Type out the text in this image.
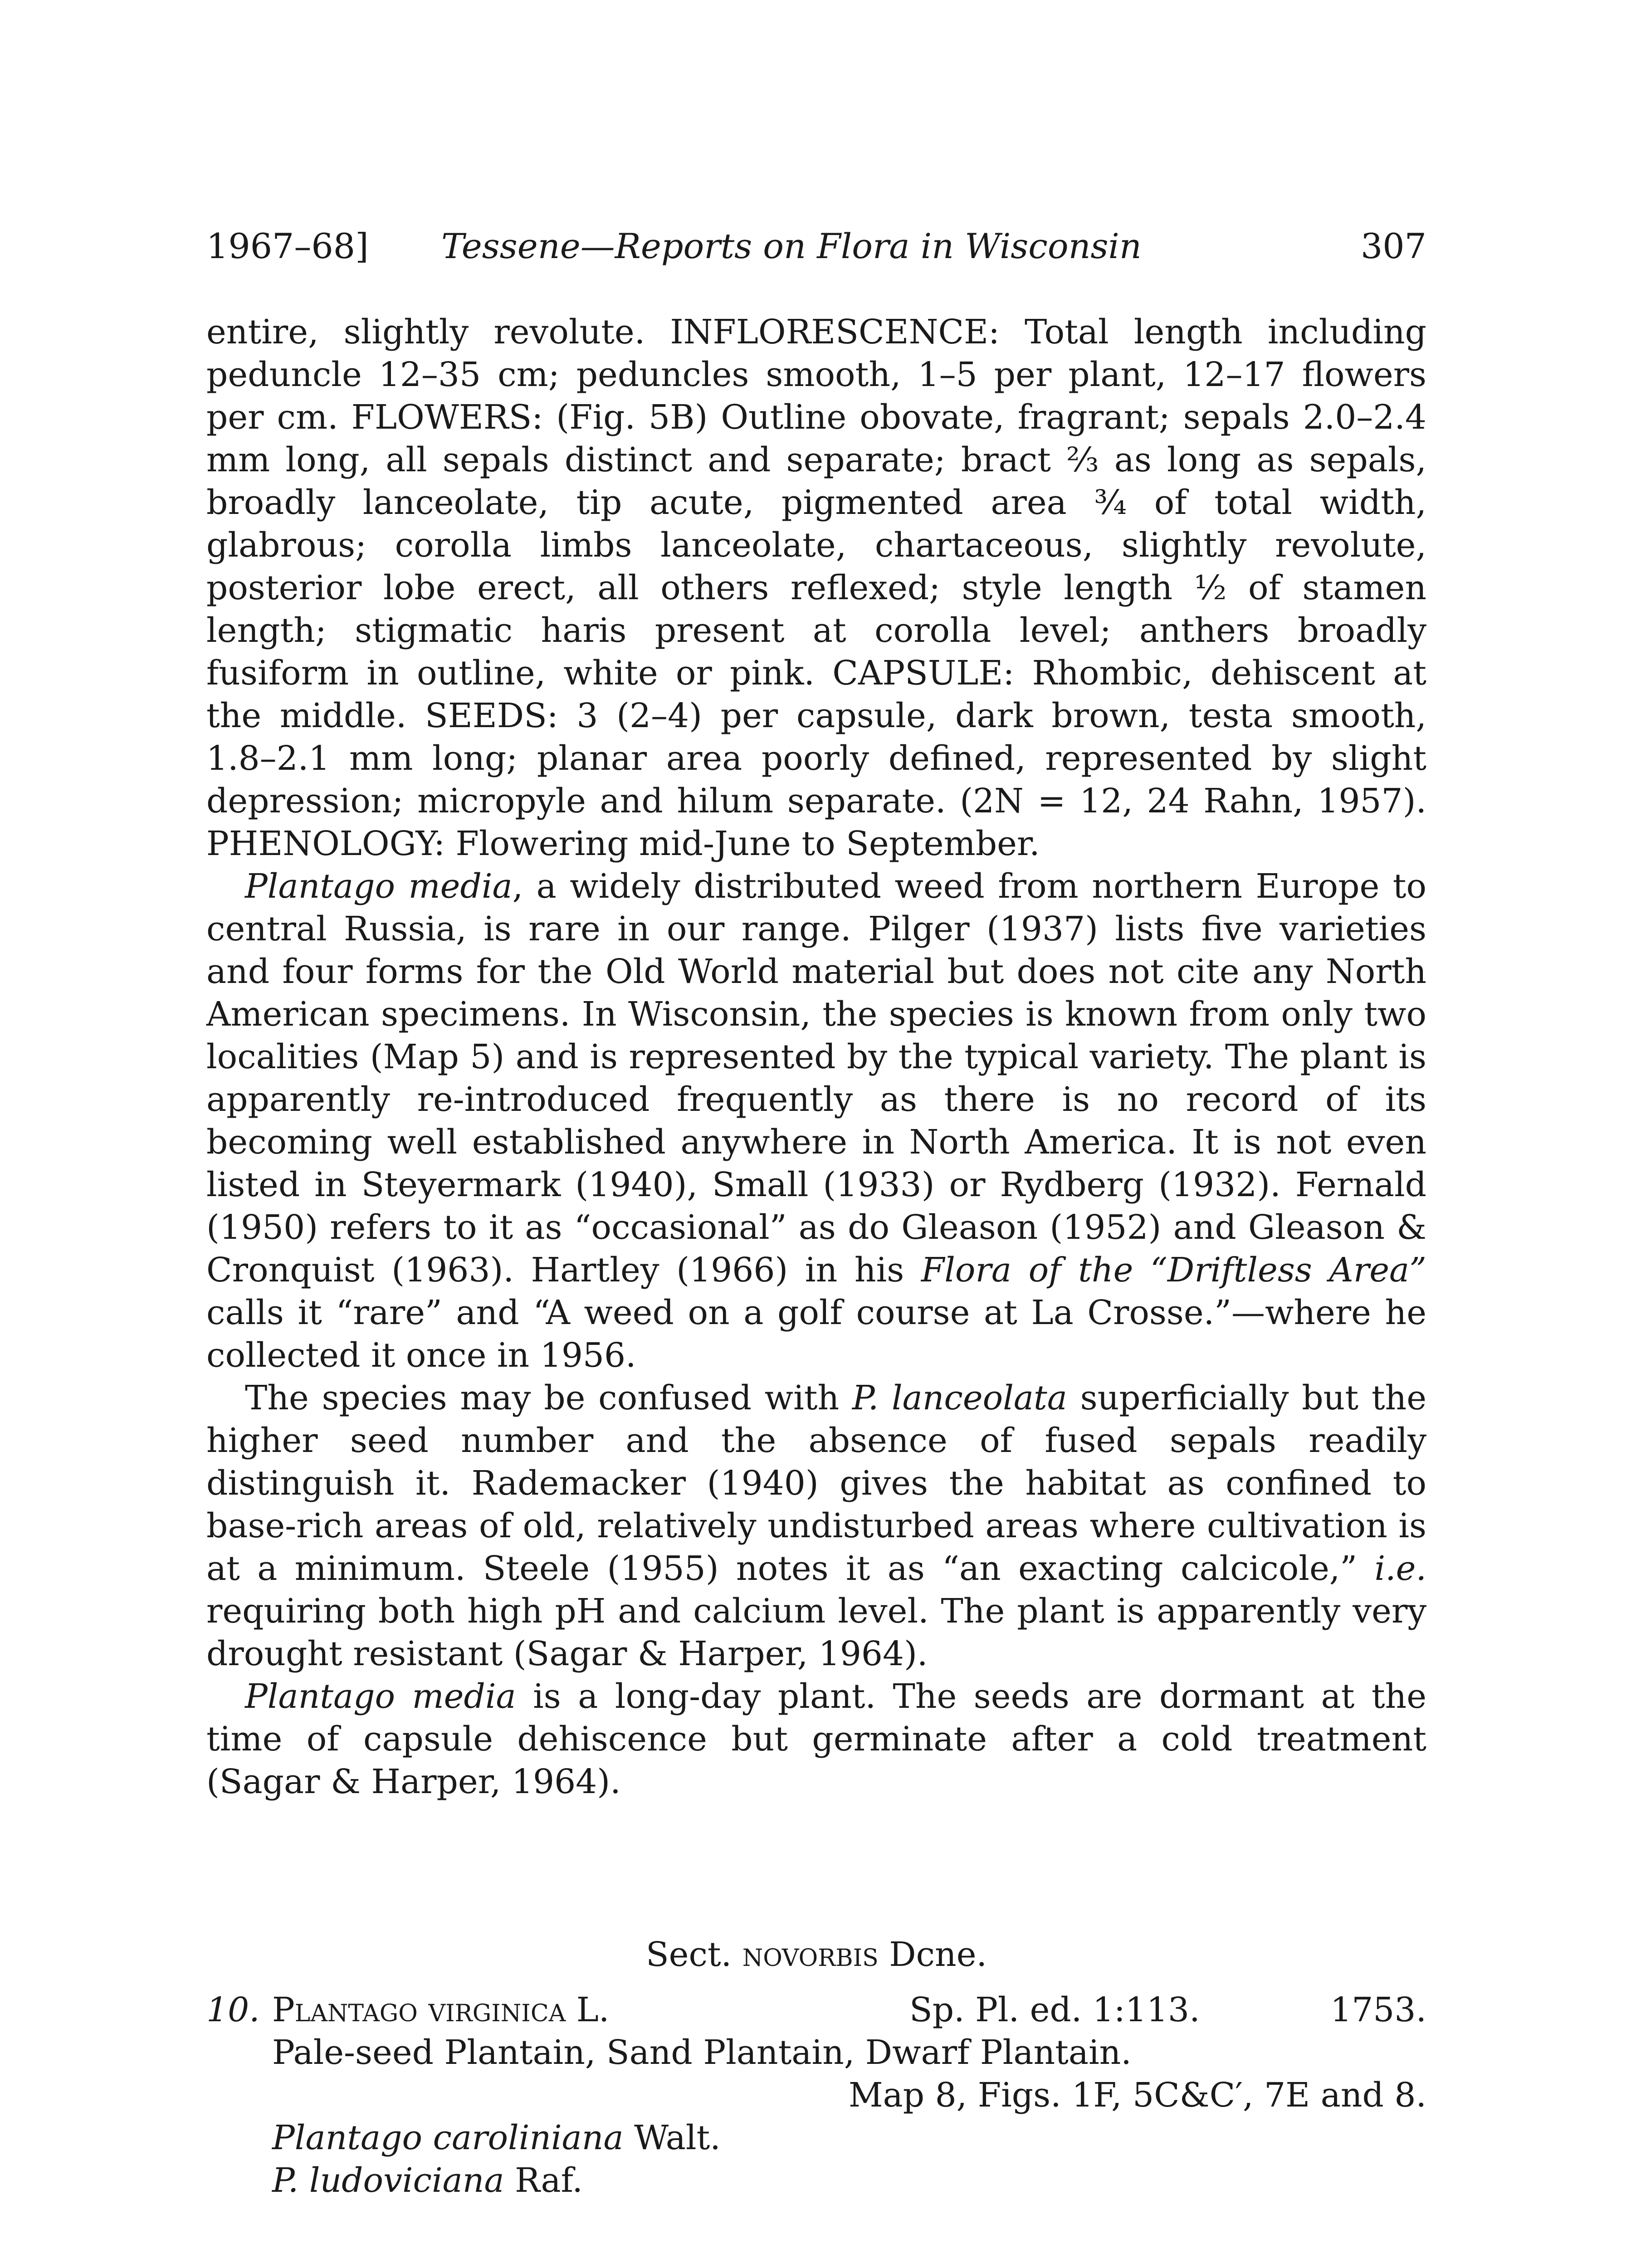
1967–68] Tessene—Reports on Flora in Wisconsin	307

entire, slightly revolute. INFLORESCENCE: Total length including peduncle 12–35 cm; peduncles smooth, 1–5 per plant, 12–17 flowers per cm. FLOWERS: (Fig. 5B) Outline obovate, fragrant; sepals 2.0–2.4 mm long, all sepals distinct and separate; bract ⅔ as long as sepals, broadly lanceolate, tip acute, pigmented area ¾ of total width, glabrous; corolla limbs lanceolate, chartaceous, slightly revolute, posterior lobe erect, all others reflexed; style length ½ of stamen length; stigmatic haris present at corolla level; anthers broadly fusiform in outline, white or pink. CAPSULE: Rhombic, dehiscent at the middle. SEEDS: 3 (2–4) per capsule, dark brown, testa smooth, 1.8–2.1 mm long; planar area poorly defined, represented by slight depression; micropyle and hilum separate. (2N = 12, 24 Rahn, 1957). PHENOLOGY: Flowering mid-June to September.

Plantago media, a widely distributed weed from northern Europe to central Russia, is rare in our range. Pilger (1937) lists five varieties and four forms for the Old World material but does not cite any North American specimens. In Wisconsin, the species is known from only two localities (Map 5) and is represented by the typical variety. The plant is apparently re-introduced frequently as there is no record of its becoming well established anywhere in North America. It is not even listed in Steyermark (1940), Small (1933) or Rydberg (1932). Fernald (1950) refers to it as “occasional” as do Gleason (1952) and Gleason & Cronquist (1963). Hartley (1966) in his Flora of the “Driftless Area” calls it “rare” and “A weed on a golf course at La Crosse.”—where he collected it once in 1956.

The species may be confused with P. lanceolata superficially but the higher seed number and the absence of fused sepals readily distinguish it. Rademacker (1940) gives the habitat as confined to base-rich areas of old, relatively undisturbed areas where cultivation is at a minimum. Steele (1955) notes it as “an exacting calcicole,” i.e. requiring both high pH and calcium level. The plant is apparently very drought resistant (Sagar & Harper, 1964).

Plantago media is a long-day plant. The seeds are dormant at the time of capsule dehiscence but germinate after a cold treatment (Sagar & Harper, 1964).

Sect. novorbis Dcne.
10. Plantago virginica L.	Sp. Pl. ed. 1:113.	1753.
Pale-seed Plantain, Sand Plantain, Dwarf Plantain.
Map 8, Figs. 1F, 5C&C′, 7E and 8.
Plantago caroliniana Walt.
P. ludoviciana Raf.
